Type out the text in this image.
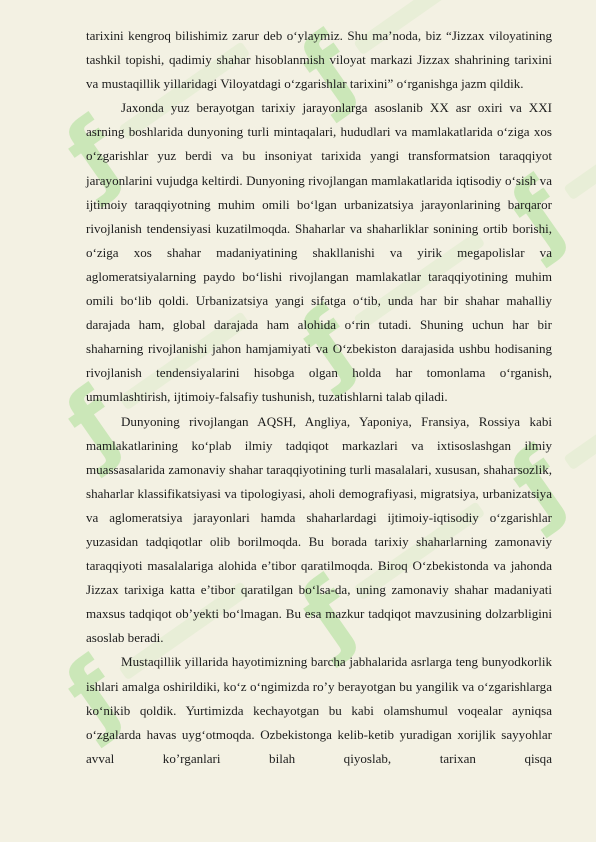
ƒ
ƒ
ƒ
ƒ
ƒ
ƒ
ƒ
ƒ

tarixini kengroq bilishimiz zarur deb o‘ylaymiz. Shu ma’noda, biz “Jizzax viloyatining tashkil topishi, qadimiy shahar hisoblanmish viloyat markazi Jizzax shahrining tarixini va mustaqillik yillaridagi Viloyatdagi o‘zgarishlar tarixini” o‘rganishga jazm qildik.

Jaxonda yuz berayotgan tarixiy jarayonlarga asoslanib XX asr oxiri va XXI asrning boshlarida dunyoning turli mintaqalari, hududlari va mamlakatlarida o‘ziga xos o‘zgarishlar yuz berdi va bu insoniyat tarixida yangi transformatsion taraqqiyot jarayonlarini vujudga keltirdi. Dunyoning rivojlangan mamlakatlarida iqtisodiy o‘sish va ijtimoiy taraqqiyotning muhim omili bo‘lgan urbanizatsiya jarayonlarining barqaror rivojlanish tendensiyasi kuzatilmoqda. Shaharlar va shaharliklar sonining ortib borishi, o‘ziga xos shahar madaniyatining shakllanishi va yirik megapolislar va aglomeratsiyalarning paydo bo‘lishi rivojlangan mamlakatlar taraqqiyotining muhim omili bo‘lib qoldi. Urbanizatsiya yangi sifatga o‘tib, unda har bir shahar mahalliy darajada ham, global darajada ham alohida o‘rin tutadi. Shuning uchun har bir shaharning rivojlanishi jahon hamjamiyati va O‘zbekiston darajasida ushbu hodisaning rivojlanish tendensiyalarini hisobga olgan holda har tomonlama o‘rganish, umumlashtirish, ijtimoiy-falsafiy tushunish, tuzatishlarni talab qiladi.

Dunyoning rivojlangan AQSH, Angliya, Yaponiya, Fransiya, Rossiya kabi mamlakatlarining ko‘plab ilmiy tadqiqot markazlari va ixtisoslashgan ilmiy muassasalarida zamonaviy shahar taraqqiyotining turli masalalari, xususan, shaharsozlik, shaharlar klassifikatsiyasi va tipologiyasi, aholi demografiyasi, migratsiya, urbanizatsiya va aglomeratsiya jarayonlari hamda shaharlardagi ijtimoiy-iqtisodiy o‘zgarishlar yuzasidan tadqiqotlar olib borilmoqda. Bu borada tarixiy shaharlarning zamonaviy taraqqiyoti masalalariga alohida e’tibor qaratilmoqda. Biroq O‘zbekistonda va jahonda Jizzax tarixiga katta e’tibor qaratilgan bo‘lsa-da, uning zamonaviy shahar madaniyati maxsus tadqiqot ob’yekti bo‘lmagan. Bu esa mazkur tadqiqot mavzusining dolzarbligini asoslab beradi.

Mustaqillik yillarida hayotimizning barcha jabhalarida asrlarga teng bunyodkorlik ishlari amalga oshirildiki, ko‘z o‘ngimizda ro’y berayotgan bu yangilik va o‘zgarishlarga ko‘nikib qoldik. Yurtimizda kechayotgan bu kabi olamshumul voqealar ayniqsa o‘zgalarda havas uyg‘otmoqda. Ozbekistonga kelib-ketib yuradigan xorijlik sayyohlar avval ko’rganlari bilah qiyoslab, tarixan qisqa
